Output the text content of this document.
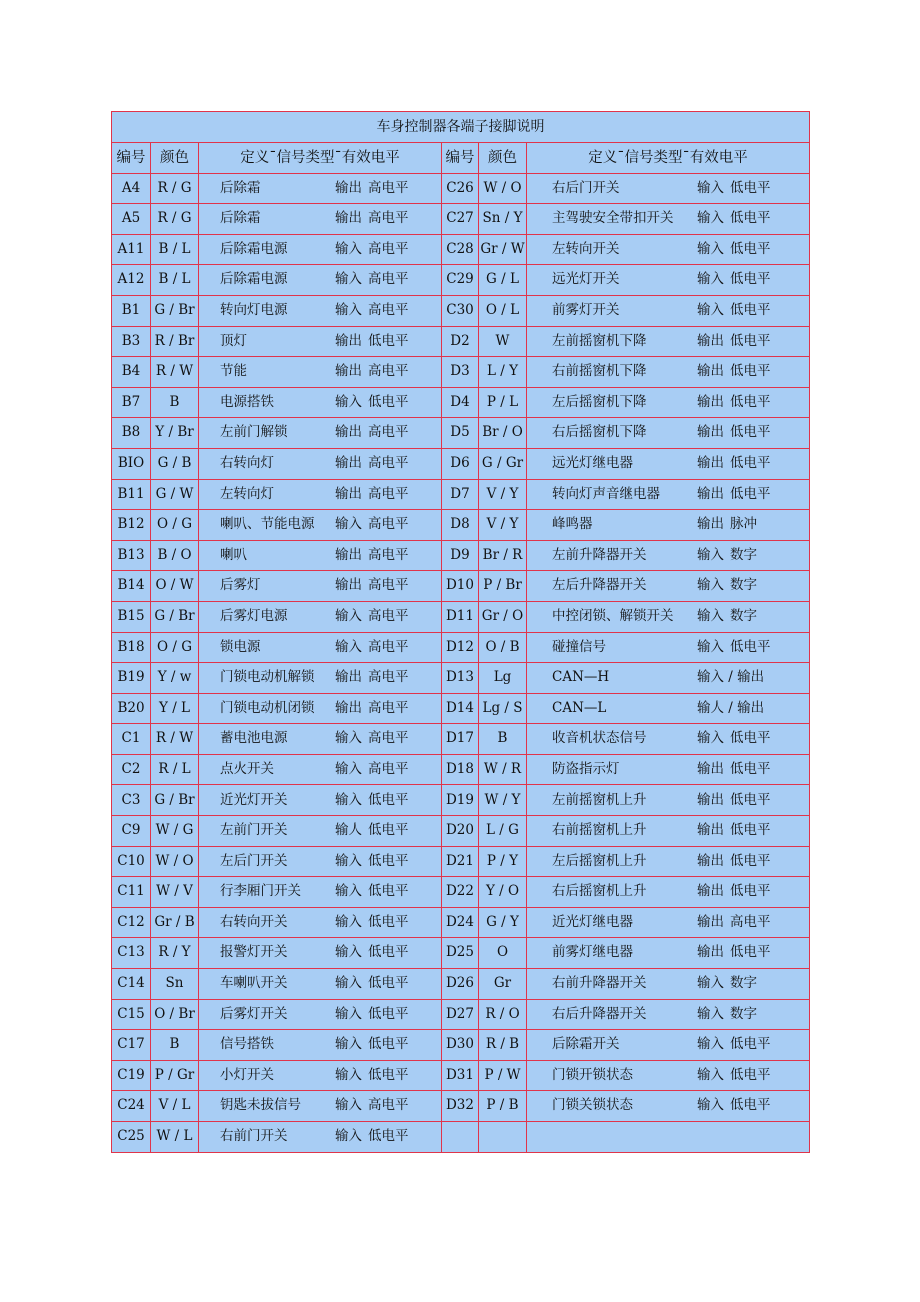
车身控制器各端子接脚说明					
编号	颜色	定义ˉ信号类型ˉ有效电平	编号	颜色	定义ˉ信号类型ˉ有效电平
A4	R / G	后除霜 输出 高电平	C26	W / O	右后门开关 输入 低电平

A5	R / G	后除霜 输出 高电平	C27	Sn / Y	主驾驶安全带扣开关 输入 低电平

A11	B / L	后除霜电源 输入 高电平	C28	Gr / W	左转向开关 输入 低电平

A12	B / L	后除霜电源 输入 高电平	C29	G / L	远光灯开关 输入 低电平

B1	G / Br	转向灯电源 输入 高电平	C30	O / L	前雾灯开关 输入 低电平

B3	R / Br	顶灯 输出 低电平	D2	W	左前摇窗机下降 输出 低电平

B4	R / W	节能 输出 高电平	D3	L / Y	右前摇窗机下降 输出 低电平

B7	B	电源搭铁 输入 低电平	D4	P / L	左后摇窗机下降 输出 低电平

B8	Y / Br	左前门解锁 输出 高电平	D5	Br / O	右后摇窗机下降 输出 低电平

BIO	G / B	右转向灯 输出 高电平	D6	G / Gr	远光灯继电器 输出 低电平

B11	G / W	左转向灯 输出 高电平	D7	V / Y	转向灯声音继电器 输出 低电平

B12	O / G	喇叭、节能电源 输入 高电平	D8	V / Y	峰鸣器 输出 脉冲

B13	B / O	喇叭 输出 高电平	D9	Br / R	左前升降器开关 输入 数字

B14	O / W	后雾灯 输出 高电平	D10	P / Br	左后升降器开关 输入 数字

B15	G / Br	后雾灯电源 输入 高电平	D11	Gr / O	中控闭锁、解锁开关 输入 数字

B18	O / G	锁电源 输入 高电平	D12	O / B	碰撞信号 输入 低电平

B19	Y / w	门锁电动机解锁 输出 高电平	D13	Lg	CAN—H 输入 / 输出

B20	Y / L	门锁电动机闭锁 输出 高电平	D14	Lg / S	CAN—L 输人 / 输出

C1	R / W	蓄电池电源 输入 高电平	D17	B	收音机状态信号 输入 低电平

C2	R / L	点火开关 输入 高电平	D18	W / R	防盗指示灯 输出 低电平

C3	G / Br	近光灯开关 输入 低电平	D19	W / Y	左前摇窗机上升 输出 低电平

C9	W / G	左前门开关 输人 低电平	D20	L / G	右前摇窗机上升 输出 低电平

C10	W / O	左后门开关 输入 低电平	D21	P / Y	左后摇窗机上升 输出 低电平

C11	W / V	行李厢门开关 输入 低电平	D22	Y / O	右后摇窗机上升 输出 低电平

C12	Gr / B	右转向开关 输入 低电平	D24	G / Y	近光灯继电器 输出 高电平

C13	R / Y	报警灯开关 输入 低电平	D25	O	前雾灯继电器 输出 低电平

C14	Sn	车喇叭开关 输入 低电平	D26	Gr	右前升降器开关 输入 数字

C15	O / Br	后雾灯开关 输入 低电平	D27	R / O	右后升降器开关 输入 数字

C17	B	信号搭铁 输入 低电平	D30	R / B	后除霜开关 输入 低电平

C19	P / Gr	小灯开关 输入 低电平	D31	P / W	门锁开锁状态 输入 低电平

C24	V / L	钥匙未拔信号 输入 高电平	D32	P / B	门锁关锁状态 输入 低电平

C25	W / L	右前门开关 输入 低电平			
